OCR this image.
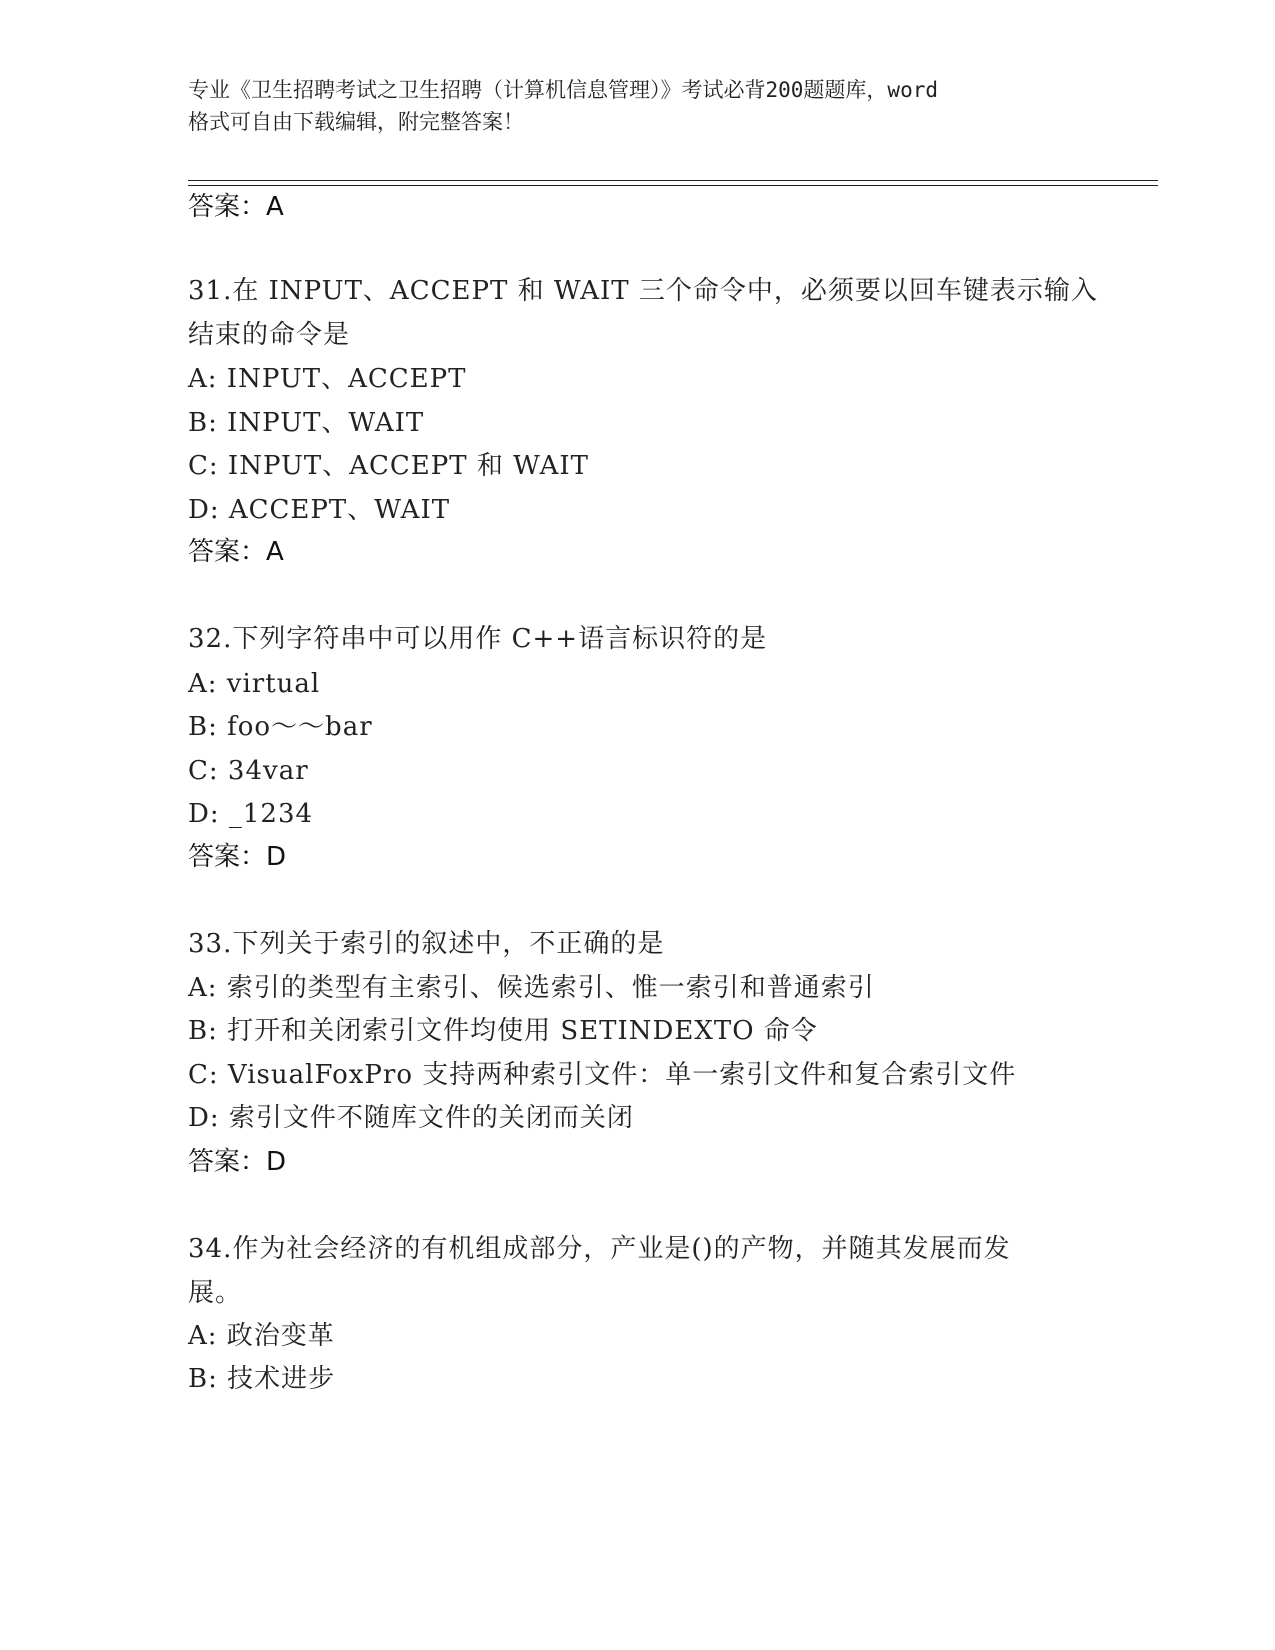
专业《卫生招聘考试之卫生招聘（计算机信息管理）》考试必背200题题库，word
格式可自由下载编辑，附完整答案！
答案：A
31.在 INPUT、ACCEPT 和 WAIT 三个命令中，必须要以回车键表示输入
结束的命令是
A: INPUT、ACCEPT
B: INPUT、WAIT
C: INPUT、ACCEPT 和 WAIT
D: ACCEPT、WAIT
答案：A
32.下列字符串中可以用作 C++语言标识符的是
A: virtual
B: foo～～bar
C: 34var
D: _1234
答案：D
33.下列关于索引的叙述中，不正确的是
A: 索引的类型有主索引、候选索引、惟一索引和普通索引
B: 打开和关闭索引文件均使用 SETINDEXTO 命令
C: VisualFoxPro 支持两种索引文件：单一索引文件和复合索引文件
D: 索引文件不随库文件的关闭而关闭
答案：D
34.作为社会经济的有机组成部分，产业是()的产物，并随其发展而发
展。
A: 政治变革
B: 技术进步
